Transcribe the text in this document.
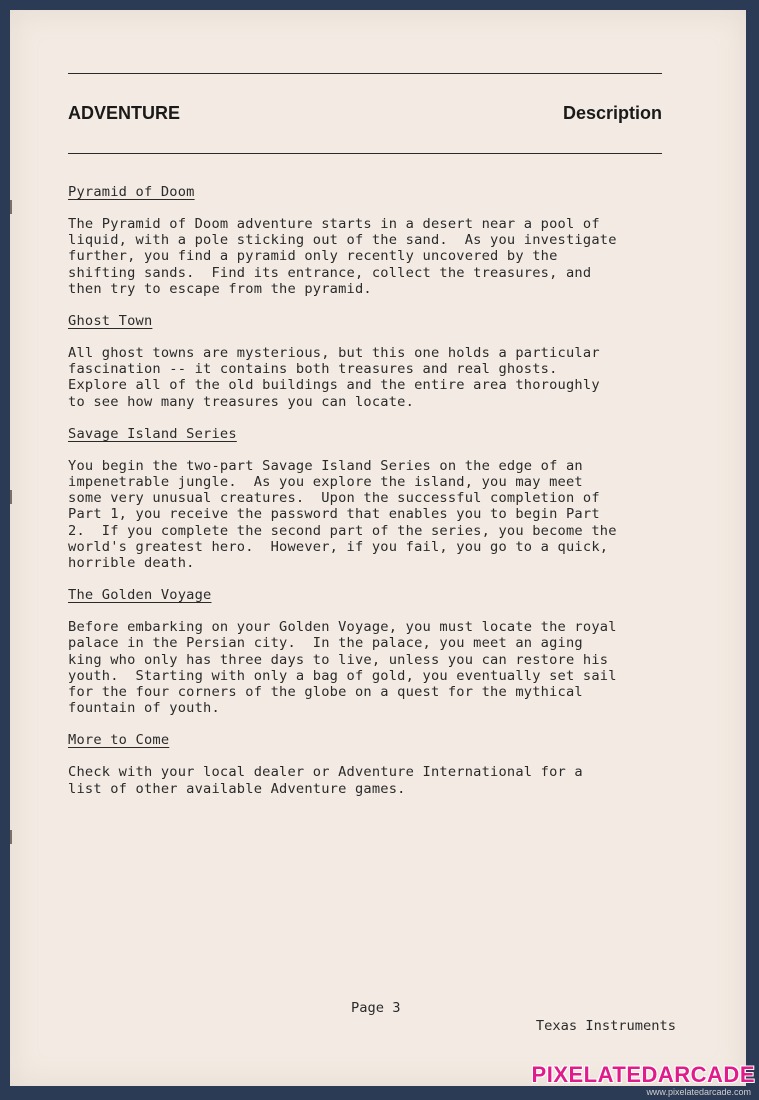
ADVENTURE	Description
Pyramid of Doom
The Pyramid of Doom adventure starts in a desert near a pool of
liquid, with a pole sticking out of the sand.  As you investigate
further, you find a pyramid only recently uncovered by the
shifting sands.  Find its entrance, collect the treasures, and
then try to escape from the pyramid.
Ghost Town
All ghost towns are mysterious, but this one holds a particular
fascination -- it contains both treasures and real ghosts.
Explore all of the old buildings and the entire area thoroughly
to see how many treasures you can locate.
Savage Island Series
You begin the two-part Savage Island Series on the edge of an
impenetrable jungle.  As you explore the island, you may meet
some very unusual creatures.  Upon the successful completion of
Part 1, you receive the password that enables you to begin Part
2.  If you complete the second part of the series, you become the
world's greatest hero.  However, if you fail, you go to a quick,
horrible death.
The Golden Voyage
Before embarking on your Golden Voyage, you must locate the royal
palace in the Persian city.  In the palace, you meet an aging
king who only has three days to live, unless you can restore his
youth.  Starting with only a bag of gold, you eventually set sail
for the four corners of the globe on a quest for the mythical
fountain of youth.
More to Come
Check with your local dealer or Adventure International for a
list of other available Adventure games.
Page 3
Texas Instruments
PIXELATEDARCADE
www.pixelatedarcade.com
